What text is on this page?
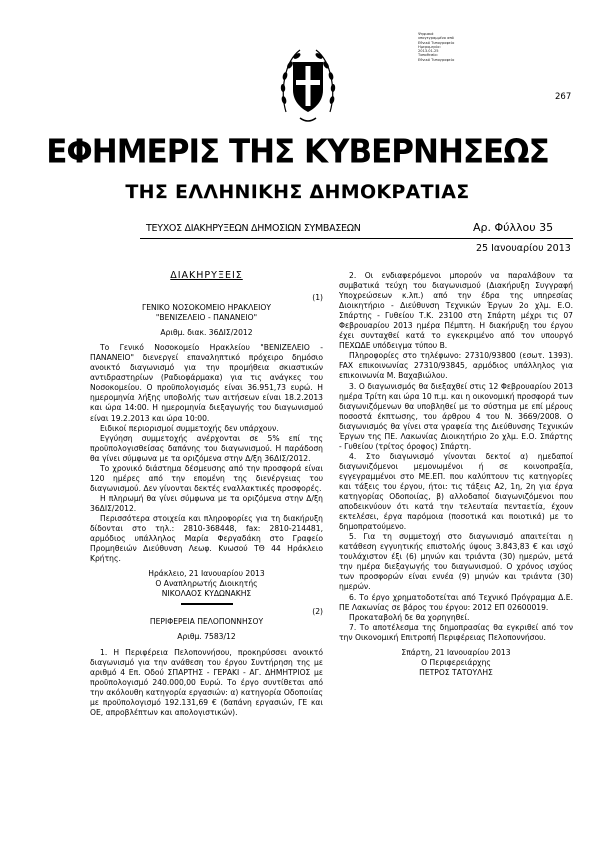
267
Ψηφιακά
υπογεγραμμένο από
Εθνικό Τυπογραφείο
Ημερομηνία:
2013.01.25
Τοποθεσία:
Εθνικό Τυπογραφείο
ΕΦΗΜΕΡΙΣ ΤΗΣ ΚΥΒΕΡΝΗΣΕΩΣ
ΤΗΣ ΕΛΛΗΝΙΚΗΣ ΔΗΜΟΚΡΑΤΙΑΣ
ΤΕΥΧΟΣ ΔΙΑΚΗΡΥΞΕΩΝ ΔΗΜΟΣΙΩΝ ΣΥΜΒΑΣΕΩΝ	Αρ. Φύλλου 35
25 Ιανουαρίου 2013
ΔΙΑΚΗΡΥΞΕΙΣ

(1)

ΓΕΝΙΚΟ ΝΟΣΟΚΟΜΕΙΟ ΗΡΑΚΛΕΙΟΥ

"ΒΕΝΙΖΕΛΕΙΟ - ΠΑΝΑΝΕΙΟ"

Αριθμ. διακ. 36ΔΙΣ/2012

Το Γενικό Νοσοκομείο Ηρακλείου "ΒΕΝΙΖΕΛΕΙΟ - ΠΑΝΑΝΕΙΟ" διενεργεί επαναληπτικό πρόχειρο δημόσιο ανοικτό διαγωνισμό για την προμήθεια σκιαστικών αντιδραστηρίων (Ραδιοφάρμακα) για τις ανάγκες του Νοσοκομείου. Ο προϋπολογισμός είναι 36.951,73 ευρώ. Η ημερομηνία λήξης υποβολής των αιτήσεων είναι 18.2.2013 και ώρα 14:00. Η ημερομηνία διεξαγωγής του διαγωνισμού είναι 19.2.2013 και ώρα 10:00.

Ειδικοί περιορισμοί συμμετοχής δεν υπάρχουν.

Εγγύηση συμμετοχής ανέρχονται σε 5% επί της προϋπολογισθείσας δαπάνης του διαγωνισμού. Η παράδοση θα γίνει σύμφωνα με τα οριζόμενα στην Δ/ξη 36ΔΙΣ/2012.

Το χρονικό διάστημα δέσμευσης από την προσφορά είναι 120 ημέρες από την επομένη της διενέργειας του διαγωνισμού. Δεν γίνονται δεκτές εναλλακτικές προσφορές.

Η πληρωμή θα γίνει σύμφωνα με τα οριζόμενα στην Δ/ξη 36ΔΙΣ/2012.

Περισσότερα στοιχεία και πληροφορίες για τη διακήρυξη δίδονται στο τηλ.: 2810-368448, fax: 2810-214481, αρμόδιος υπάλληλος Μαρία Φεργαδάκη στο Γραφείο Προμηθειών Διεύθυνση Λεωφ. Κνωσού ΤΘ 44 Ηράκλειο Κρήτης.

Ηράκλειο, 21 Ιανουαρίου 2013

Ο Αναπληρωτής Διοικητής

ΝΙΚΟΛΑΟΣ ΚΥΔΩΝΑΚΗΣ

(2)

ΠΕΡΙΦΕΡΕΙΑ ΠΕΛΟΠΟΝΝΗΣΟΥ

Αριθμ. 7583/12

1. Η Περιφέρεια Πελοποννήσου, προκηρύσσει ανοικτό διαγωνισμό για την ανάθεση του έργου Συντήρηση της με αριθμό 4 Επ. Οδού ΣΠΑΡΤΗΣ - ΓΕΡΑΚΙ - ΑΓ. ΔΗΜΗΤΡΙΟΣ με προϋπολογισμό 240.000,00 Ευρώ. Το έργο συντίθεται από την ακόλουθη κατηγορία εργασιών: α) κατηγορία Οδοποιίας με προϋπολογισμό 192.131,69 € (δαπάνη εργασιών, ΓΕ και ΟΕ, απροβλέπτων και απολογιστικών).

2. Οι ενδιαφερόμενοι μπορούν να παραλάβουν τα συμβατικά τεύχη του διαγωνισμού (Διακήρυξη Συγγραφή Υποχρεώσεων κ.λπ.) από την έδρα της υπηρεσίας Διοικητήριο - Διεύθυνση Τεχνικών Έργων 2ο χλμ. Ε.Ο. Σπάρτης - Γυθείου Τ.Κ. 23100 στη Σπάρτη μέχρι τις 07 Φεβρουαρίου 2013 ημέρα Πέμπτη. Η διακήρυξη του έργου έχει συνταχθεί κατά το εγκεκριμένο από τον υπουργό ΠΕΧΩΔΕ υπόδειγμα τύπου Β.

Πληροφορίες στο τηλέφωνο: 27310/93800 (εσωτ. 1393). FAX επικοινωνίας 27310/93845, αρμόδιος υπάλληλος για επικοινωνία Μ. Βαχαβιώλου.

3. Ο διαγωνισμός θα διεξαχθεί στις 12 Φεβρουαρίου 2013 ημέρα Τρίτη και ώρα 10 π.μ. και η οικονομική προσφορά των διαγωνιζόμενων θα υποβληθεί με το σύστημα με επί μέρους ποσοστά έκπτωσης, του άρθρου 4 του Ν. 3669/2008. Ο διαγωνισμός θα γίνει στα γραφεία της Διεύθυνσης Τεχνικών Έργων της ΠΕ. Λακωνίας Διοικητήριο 2ο χλμ. Ε.Ο. Σπάρτης - Γυθείου (τρίτος όροφος) Σπάρτη.

4. Στο διαγωνισμό γίνονται δεκτοί α) ημεδαποί διαγωνιζόμενοι μεμονωμένοι ή σε κοινοπραξία, εγγεγραμμένοι στο ΜΕ.ΕΠ. που καλύπτουν τις κατηγορίες και τάξεις του έργου, ήτοι: τις τάξεις Α2, 1η, 2η για έργα κατηγορίας Οδοποιίας, β) αλλοδαποί διαγωνιζόμενοι που αποδεικνύουν ότι κατά την τελευταία πενταετία, έχουν εκτελέσει, έργα παρόμοια (ποσοτικά και ποιοτικά) με το δημοπρατούμενο.

5. Για τη συμμετοχή στο διαγωνισμό απαιτείται η κατάθεση εγγυητικής επιστολής ύψους 3.843,83 € και ισχύ τουλάχιστον έξι (6) μηνών και τριάντα (30) ημερών, μετά την ημέρα διεξαγωγής του διαγωνισμού. Ο χρόνος ισχύος των προσφορών είναι εννέα (9) μηνών και τριάντα (30) ημερών.

6. Το έργο χρηματοδοτείται από Τεχνικό Πρόγραμμα Δ.Ε. ΠΕ Λακωνίας σε βάρος του έργου: 2012 ΕΠ 02600019.

Προκαταβολή δε θα χορηγηθεί.

7. Το αποτέλεσμα της δημοπρασίας θα εγκριθεί από τον την Οικονομική Επιτροπή Περιφέρειας Πελοποννήσου.

Σπάρτη, 21 Ιανουαρίου 2013

Ο Περιφερειάρχης

ΠΕΤΡΟΣ ΤΑΤΟΥΛΗΣ
